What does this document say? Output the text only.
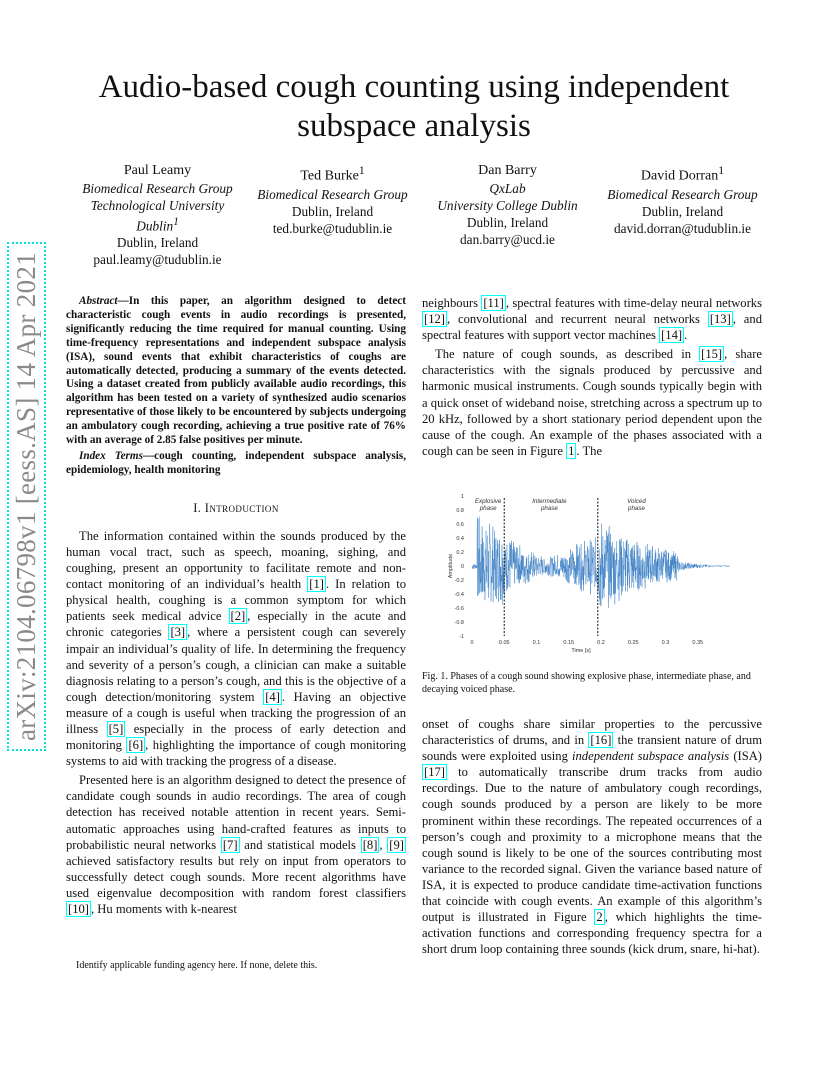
arXiv:2104.06798v1 [eess.AS] 14 Apr 2021
Audio-based cough counting using independent subspace analysis
Paul Leamy
Biomedical Research Group
Technological University Dublin$^1$
Dublin, Ireland
paul.leamy@tudublin.ie
Ted Burke$^1$
Biomedical Research Group
Dublin, Ireland
ted.burke@tudublin.ie
Dan Barry
QxLab
University College Dublin
Dublin, Ireland
dan.barry@ucd.ie
David Dorran$^1$
Biomedical Research Group
Dublin, Ireland
david.dorran@tudublin.ie

Abstract—In this paper, an algorithm designed to detect characteristic cough events in audio recordings is presented, significantly reducing the time required for manual counting. Using time-frequency representations and independent subspace analysis (ISA), sound events that exhibit characteristics of coughs are automatically detected, producing a summary of the events detected. Using a dataset created from publicly available audio recordings, this algorithm has been tested on a variety of synthesized audio scenarios representative of those likely to be encountered by subjects undergoing an ambulatory cough recording, achieving a true positive rate of 76% with an average of 2.85 false positives per minute.

Index Terms—cough counting, independent subspace analysis, epidemiology, health monitoring

I. Introduction

The information contained within the sounds produced by the human vocal tract, such as speech, moaning, sighing, and coughing, present an opportunity to facilitate remote and non-contact monitoring of an individual’s health [1] . In relation to physical health, coughing is a common symptom for which patients seek medical advice [2] , especially in the acute and chronic categories [3] , where a persistent cough can severely impair an individual’s quality of life. In determining the frequency and severity of a person’s cough, a clinician can make a suitable diagnosis relating to a person’s cough, and this is the objective of a cough detection/monitoring system [4] . Having an objective measure of a cough is useful when tracking the progression of an illness [5] especially in the process of early detection and monitoring [6] , highlighting the importance of cough monitoring systems to aid with tracking the progress of a disease.

Presented here is an algorithm designed to detect the presence of candidate cough sounds in audio recordings. The area of cough detection has received notable attention in recent years. Semi-automatic approaches using hand-crafted features as inputs to probabilistic neural networks [7] and statistical models [8] , [9] achieved satisfactory results but rely on input from operators to successfully detect cough sounds. More recent algorithms have used eigenvalue decomposition with random forest classifiers [10] , Hu moments with k-nearest

Identify applicable funding agency here. If none, delete this.

neighbours [11] , spectral features with time-delay neural networks [12] , convolutional and recurrent neural networks [13] , and spectral features with support vector machines [14] .

The nature of cough sounds, as described in [15] , share characteristics with the signals produced by percussive and harmonic musical instruments. Cough sounds typically begin with a quick onset of wideband noise, stretching across a spectrum up to 20 kHz, followed by a short stationary period dependent upon the cause of the cough. An example of the phases associated with a cough can be seen in Figure 1 . The

1
0.8
0.6
0.4
0.2
0
-0.2
-0.4
-0.6
-0.8
-1
0	0.05	0.1	0.15	0.2	0.25	0.3	0.35
Time [s]
Amplitude
Explosive
phase
Intermediate
phase
Voiced
phase
Fig. 1. Phases of a cough sound showing explosive phase, intermediate phase, and decaying voiced phase.

onset of coughs share similar properties to the percussive characteristics of drums, and in [16] the transient nature of drum sounds were exploited using independent subspace analysis (ISA) [17] to automatically transcribe drum tracks from audio recordings. Due to the nature of ambulatory cough recordings, cough sounds produced by a person are likely to be more prominent within these recordings. The repeated occurrences of a person’s cough and proximity to a microphone means that the cough sound is likely to be one of the sources contributing most variance to the recorded signal. Given the variance based nature of ISA, it is expected to produce candidate time-activation functions that coincide with cough events. An example of this algorithm’s output is illustrated in Figure 2 , which highlights the time-activation functions and corresponding frequency spectra for a short drum loop containing three sounds (kick drum, snare, hi-hat).
